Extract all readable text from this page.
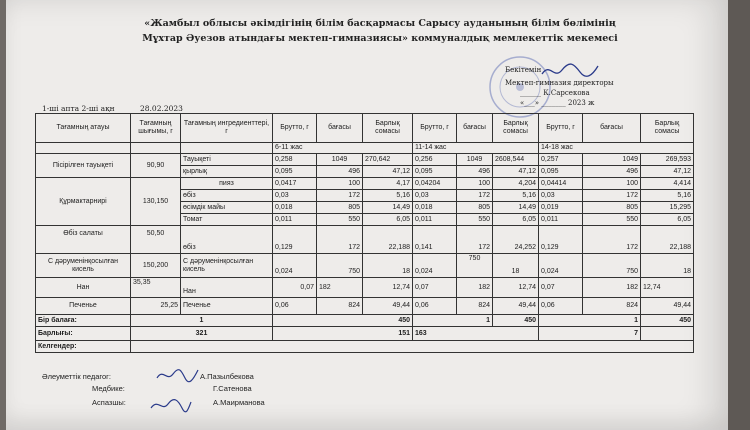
«Жамбыл облысы әкімдігінің білім басқармасы Сарысу ауданының білім бөлімінің
Мұхтар Әуезов атындағы мектеп-гимназиясы» коммуналдық мемлекеттік мекемесі
Бекітемін
Мектеп-гимназия директоры
______ К.Сарсекова
«___» _______ 2023 ж
1-ші апта 2-ші ақн	28.02.2023
Тағамның атауы	Тағамның шығымы, г	Тағамның ингредиенттері, г	Брутто, г	бағасы	Барлық сомасы	Брутто, г	бағасы	Барлық сомасы	Брутто, г	бағасы	Барлық сомасы
			6-11 жас			11-14 жас			14-18 жас		
Пісірілген тауықеті	90,90	Тауықеті	0,258	1049	270,642	0,256	1049	2608,544	0,257	1049	269,593
		қырлық	0,095	496	47,12	0,095	496	47,12	0,095	496	47,12
Құрмактарнирі	130,150	пияз	0,0417	100	4,17	0,04204	100	4,204	0,04414	100	4,414
		өбіз	0,03	172	5,16	0,03	172	5,16	0,03	172	5,16
		өсімдік майы	0,018	805	14,49	0,018	805	14,49	0,019	805	15,295
		Томат	0,011	550	6,05	0,011	550	6,05	0,011	550	6,05
Өбіз салаты	50,50	өбіз	0,129	172	22,188	0,141	172	24,252	0,129	172	22,188
С дәруменінқосылған кисель	150,200	С дәруменінқосылған кисель	0,024	750	18	0,024	750	18	0,024	750	18
Нан	35,35	Нан	0,07	182	12,74	0,07	182	12,74	0,07	182	12,74
Печенье	25,25	Печенье	0,06	824	49,44	0,06	824	49,44	0,06	824	49,44
Бір балаға:	1		450			1		450	1		450
Барлығы:	321		151			163			7		
Келгендер:											
Әлеуметтік педагог:	А.Пазылбекова
Медбике:	Г.Сатенова
Аспазшы:	А.Маирманова
